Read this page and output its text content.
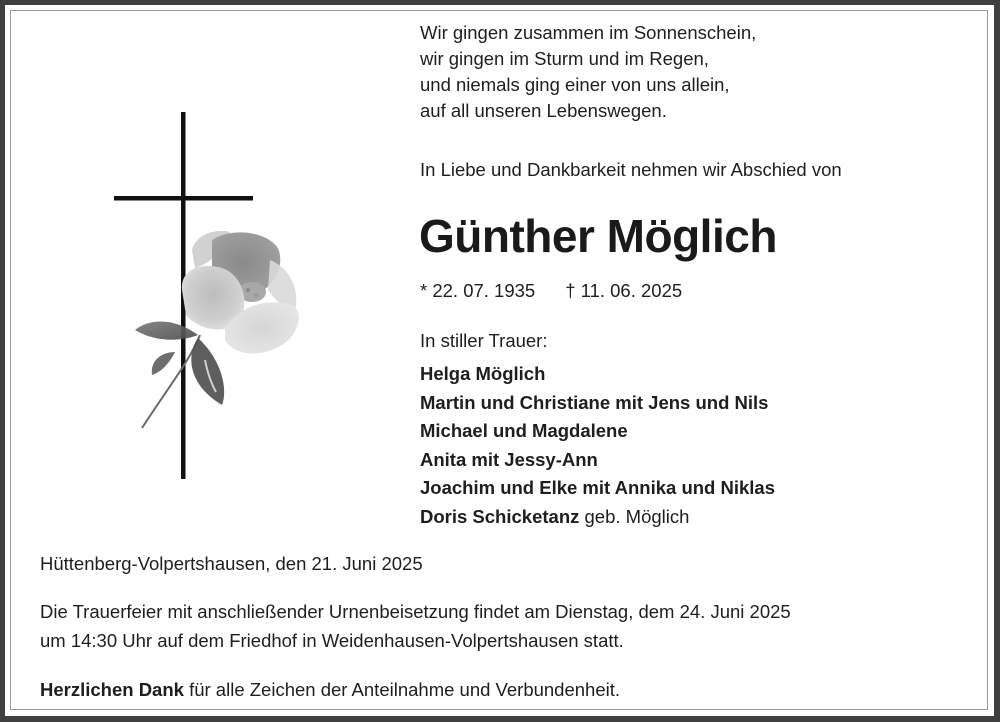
Wir gingen zusammen im Sonnenschein,
wir gingen im Sturm und im Regen,
und niemals ging einer von uns allein,
auf all unseren Lebenswegen.
In Liebe und Dankbarkeit nehmen wir Abschied von
Günther Möglich
* 22. 07. 1935 † 11. 06. 2025
In stiller Trauer:
Helga Möglich
Martin und Christiane mit Jens und Nils
Michael und Magdalene
Anita mit Jessy-Ann
Joachim und Elke mit Annika und Niklas
Doris Schicketanz geb. Möglich
Hüttenberg-Volpertshausen, den 21. Juni 2025
Die Trauerfeier mit anschließender Urnenbeisetzung findet am Dienstag, dem 24. Juni 2025
um 14:30 Uhr auf dem Friedhof in Weidenhausen-Volpertshausen statt.
Herzlichen Dank für alle Zeichen der Anteilnahme und Verbundenheit.
